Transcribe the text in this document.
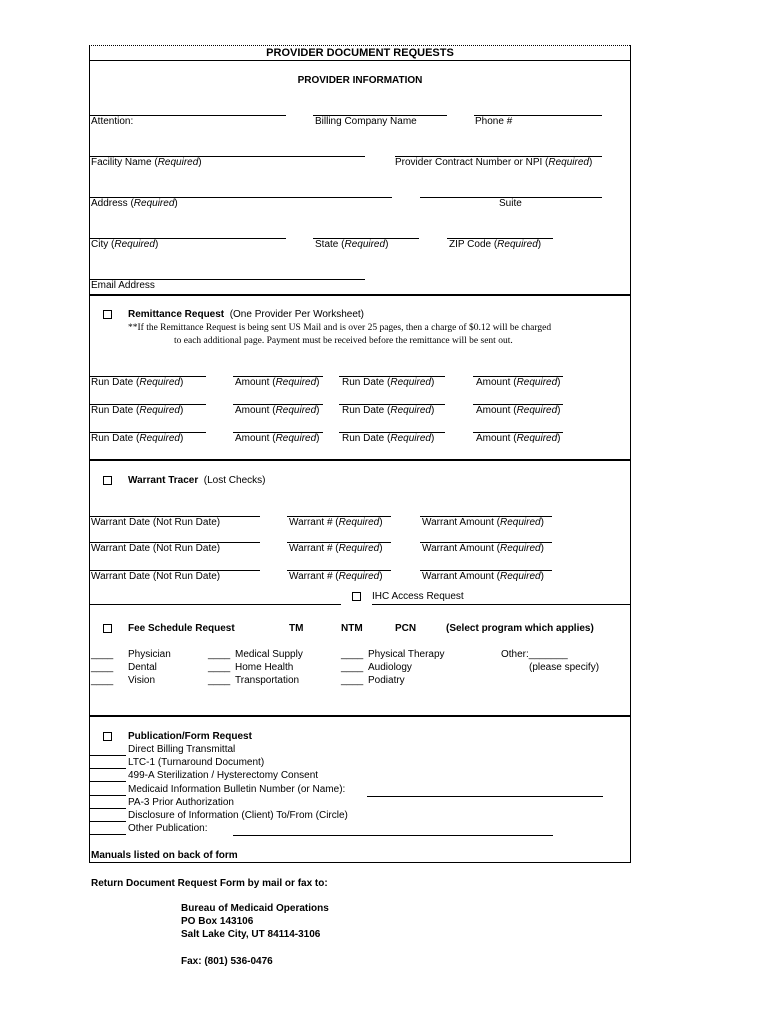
PROVIDER DOCUMENT REQUESTS
PROVIDER INFORMATION
Attention:	Billing Company Name	Phone #
Facility Name (Required)	Provider Contract Number or NPI (Required)
Address (Required)	Suite
City (Required)	State (Required)	ZIP Code (Required)
Email Address
Remittance Request (One Provider Per Worksheet)
**If the Remittance Request is being sent US Mail and is over 25 pages, then a charge of $0.12 will be charged
to each additional page. Payment must be received before the remittance will be sent out.
Run Date (Required)	Amount (Required) Run Date (Required)	Amount (Required)
Run Date (Required)	Amount (Required) Run Date (Required)	Amount (Required)
Run Date (Required)	Amount (Required) Run Date (Required)	Amount (Required)
Warrant Tracer (Lost Checks)
Warrant Date (Not Run Date)	Warrant # (Required)	Warrant Amount (Required)
Warrant Date (Not Run Date)	Warrant # (Required)	Warrant Amount (Required)
Warrant Date (Not Run Date)	Warrant # (Required)	Warrant Amount (Required)
IHC Access Request
Fee Schedule Request	TM	NTM	PCN	(Select program which applies)
____ Physician	____ Medical Supply	____ Physical Therapy
____ Dental	____ Home Health	____ Audiology
____ Vision	____ Transportation	____ Podiatry
Other:_______
(please specify)
Publication/Form Request
Direct Billing Transmittal
LTC-1 (Turnaround Document)
499-A Sterilization / Hysterectomy Consent
Medicaid Information Bulletin Number (or Name):
PA-3 Prior Authorization
Disclosure of Information (Client) To/From (Circle)
Other Publication:
Manuals listed on back of form
Return Document Request Form by mail or fax to:
Bureau of Medicaid Operations
PO Box 143106
Salt Lake City, UT 84114-3106
Fax: (801) 536-0476
